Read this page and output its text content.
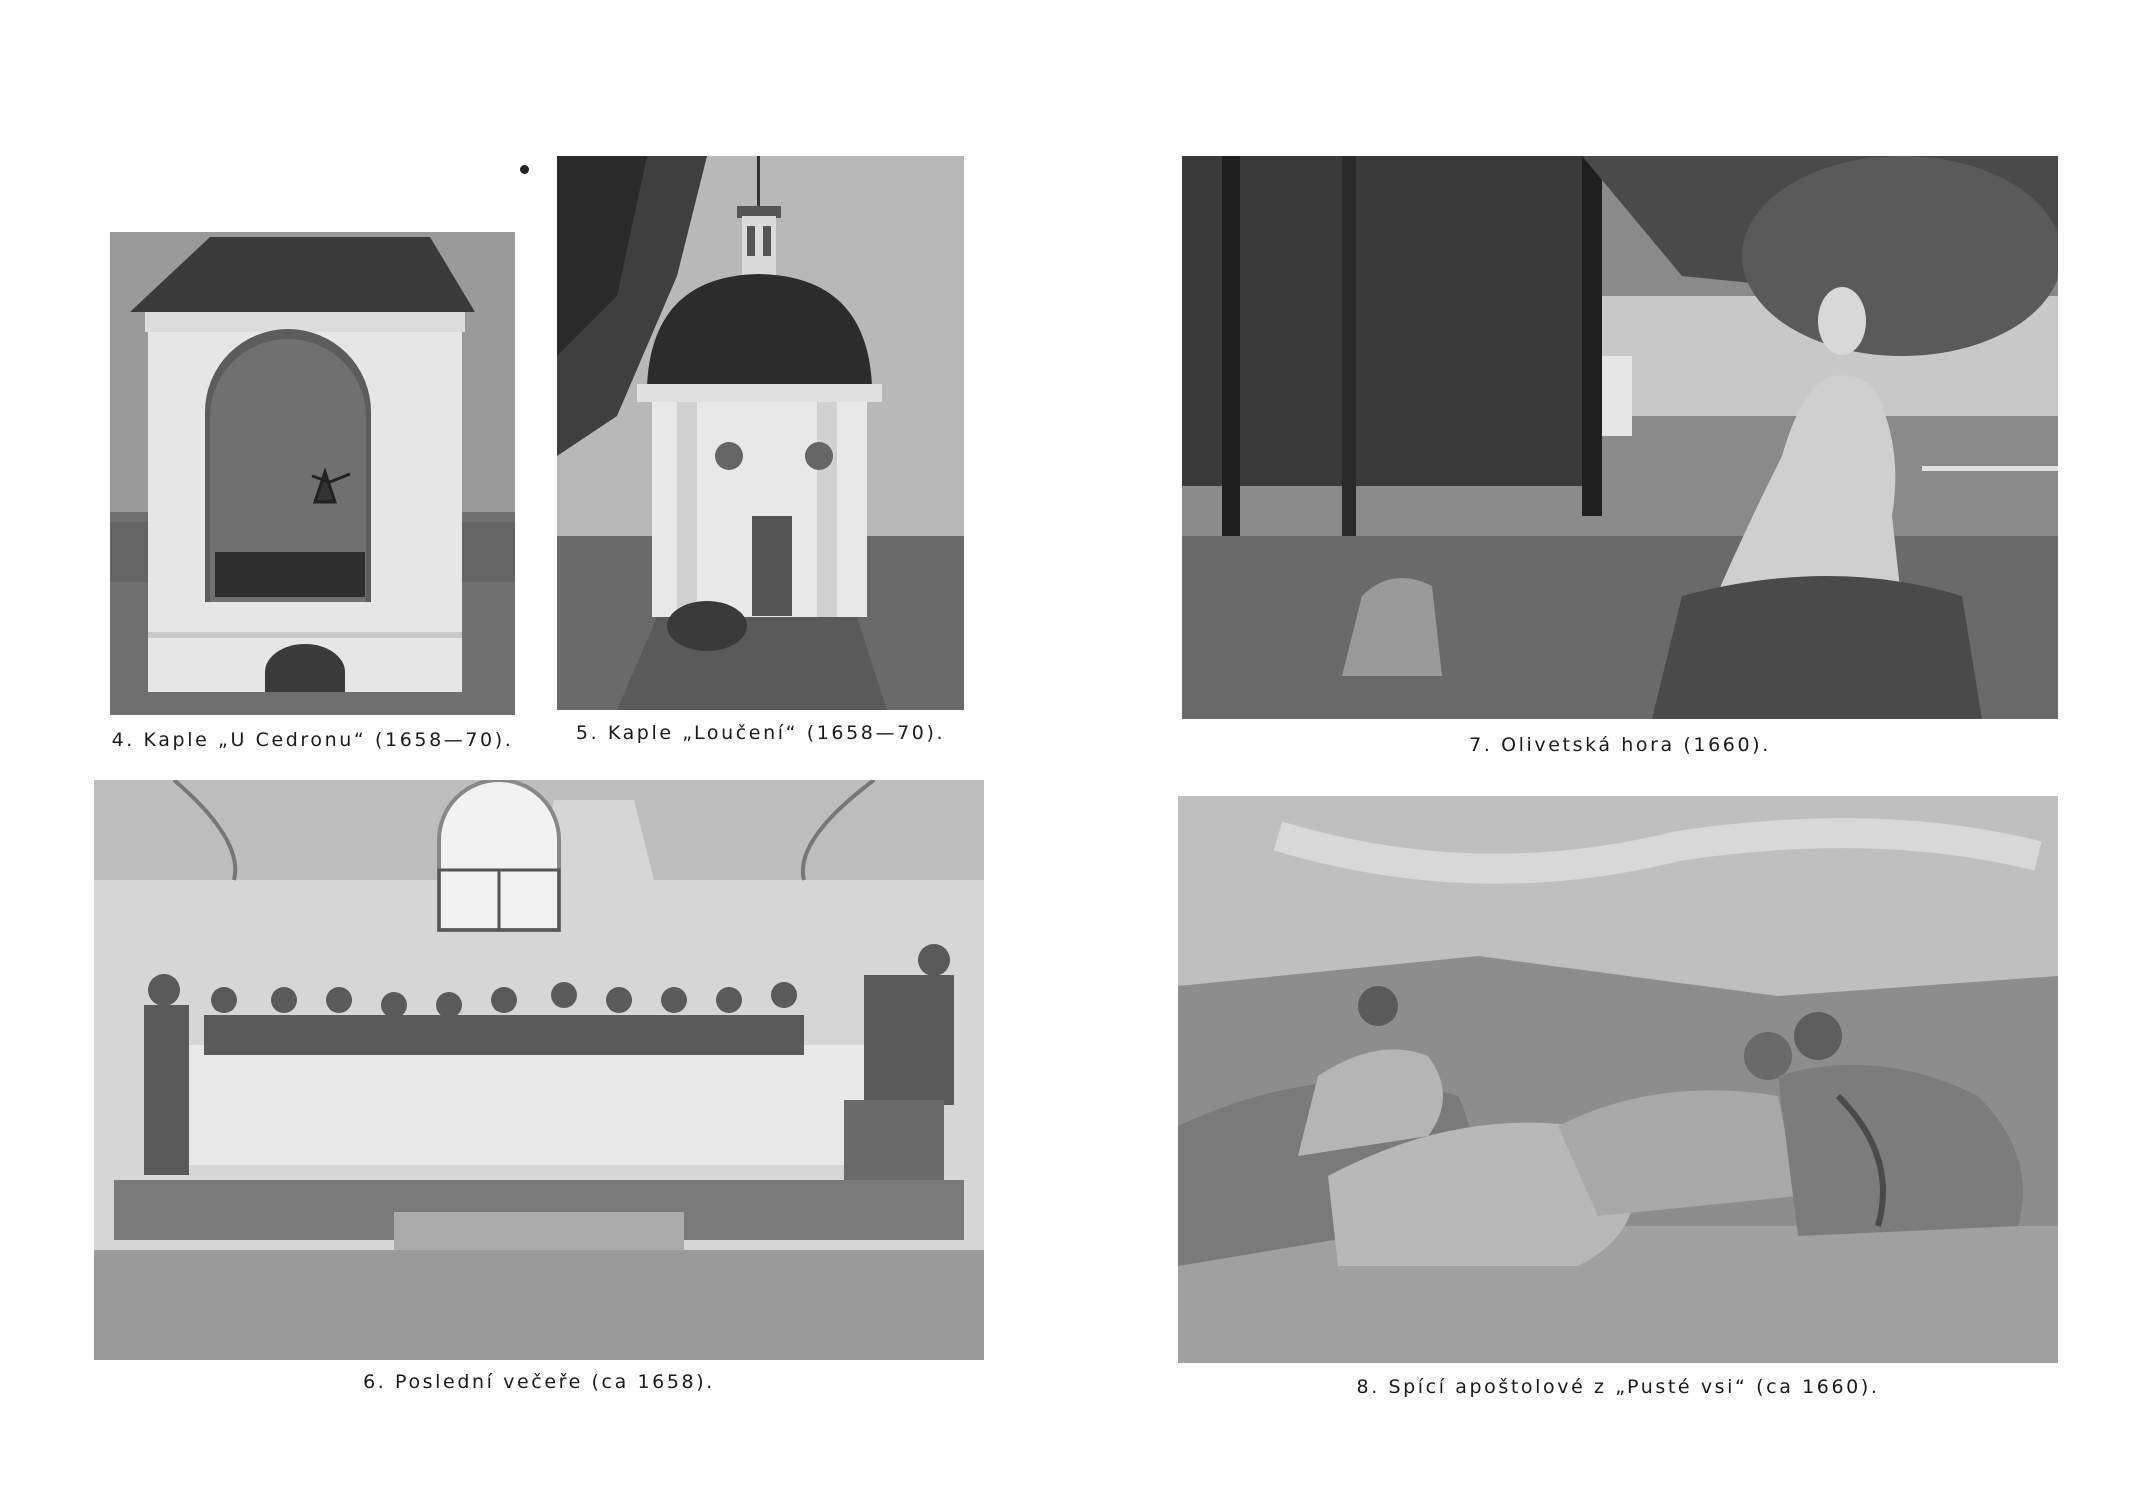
4. Kaple „U Cedronu“ (1658—70).	5. Kaple „Loučení“ (1658—70).
7. Olivetská hora (1660).
6. Poslední večeře (ca 1658).	8. Spící apoštolové z „Pusté vsi“ (ca 1660).
